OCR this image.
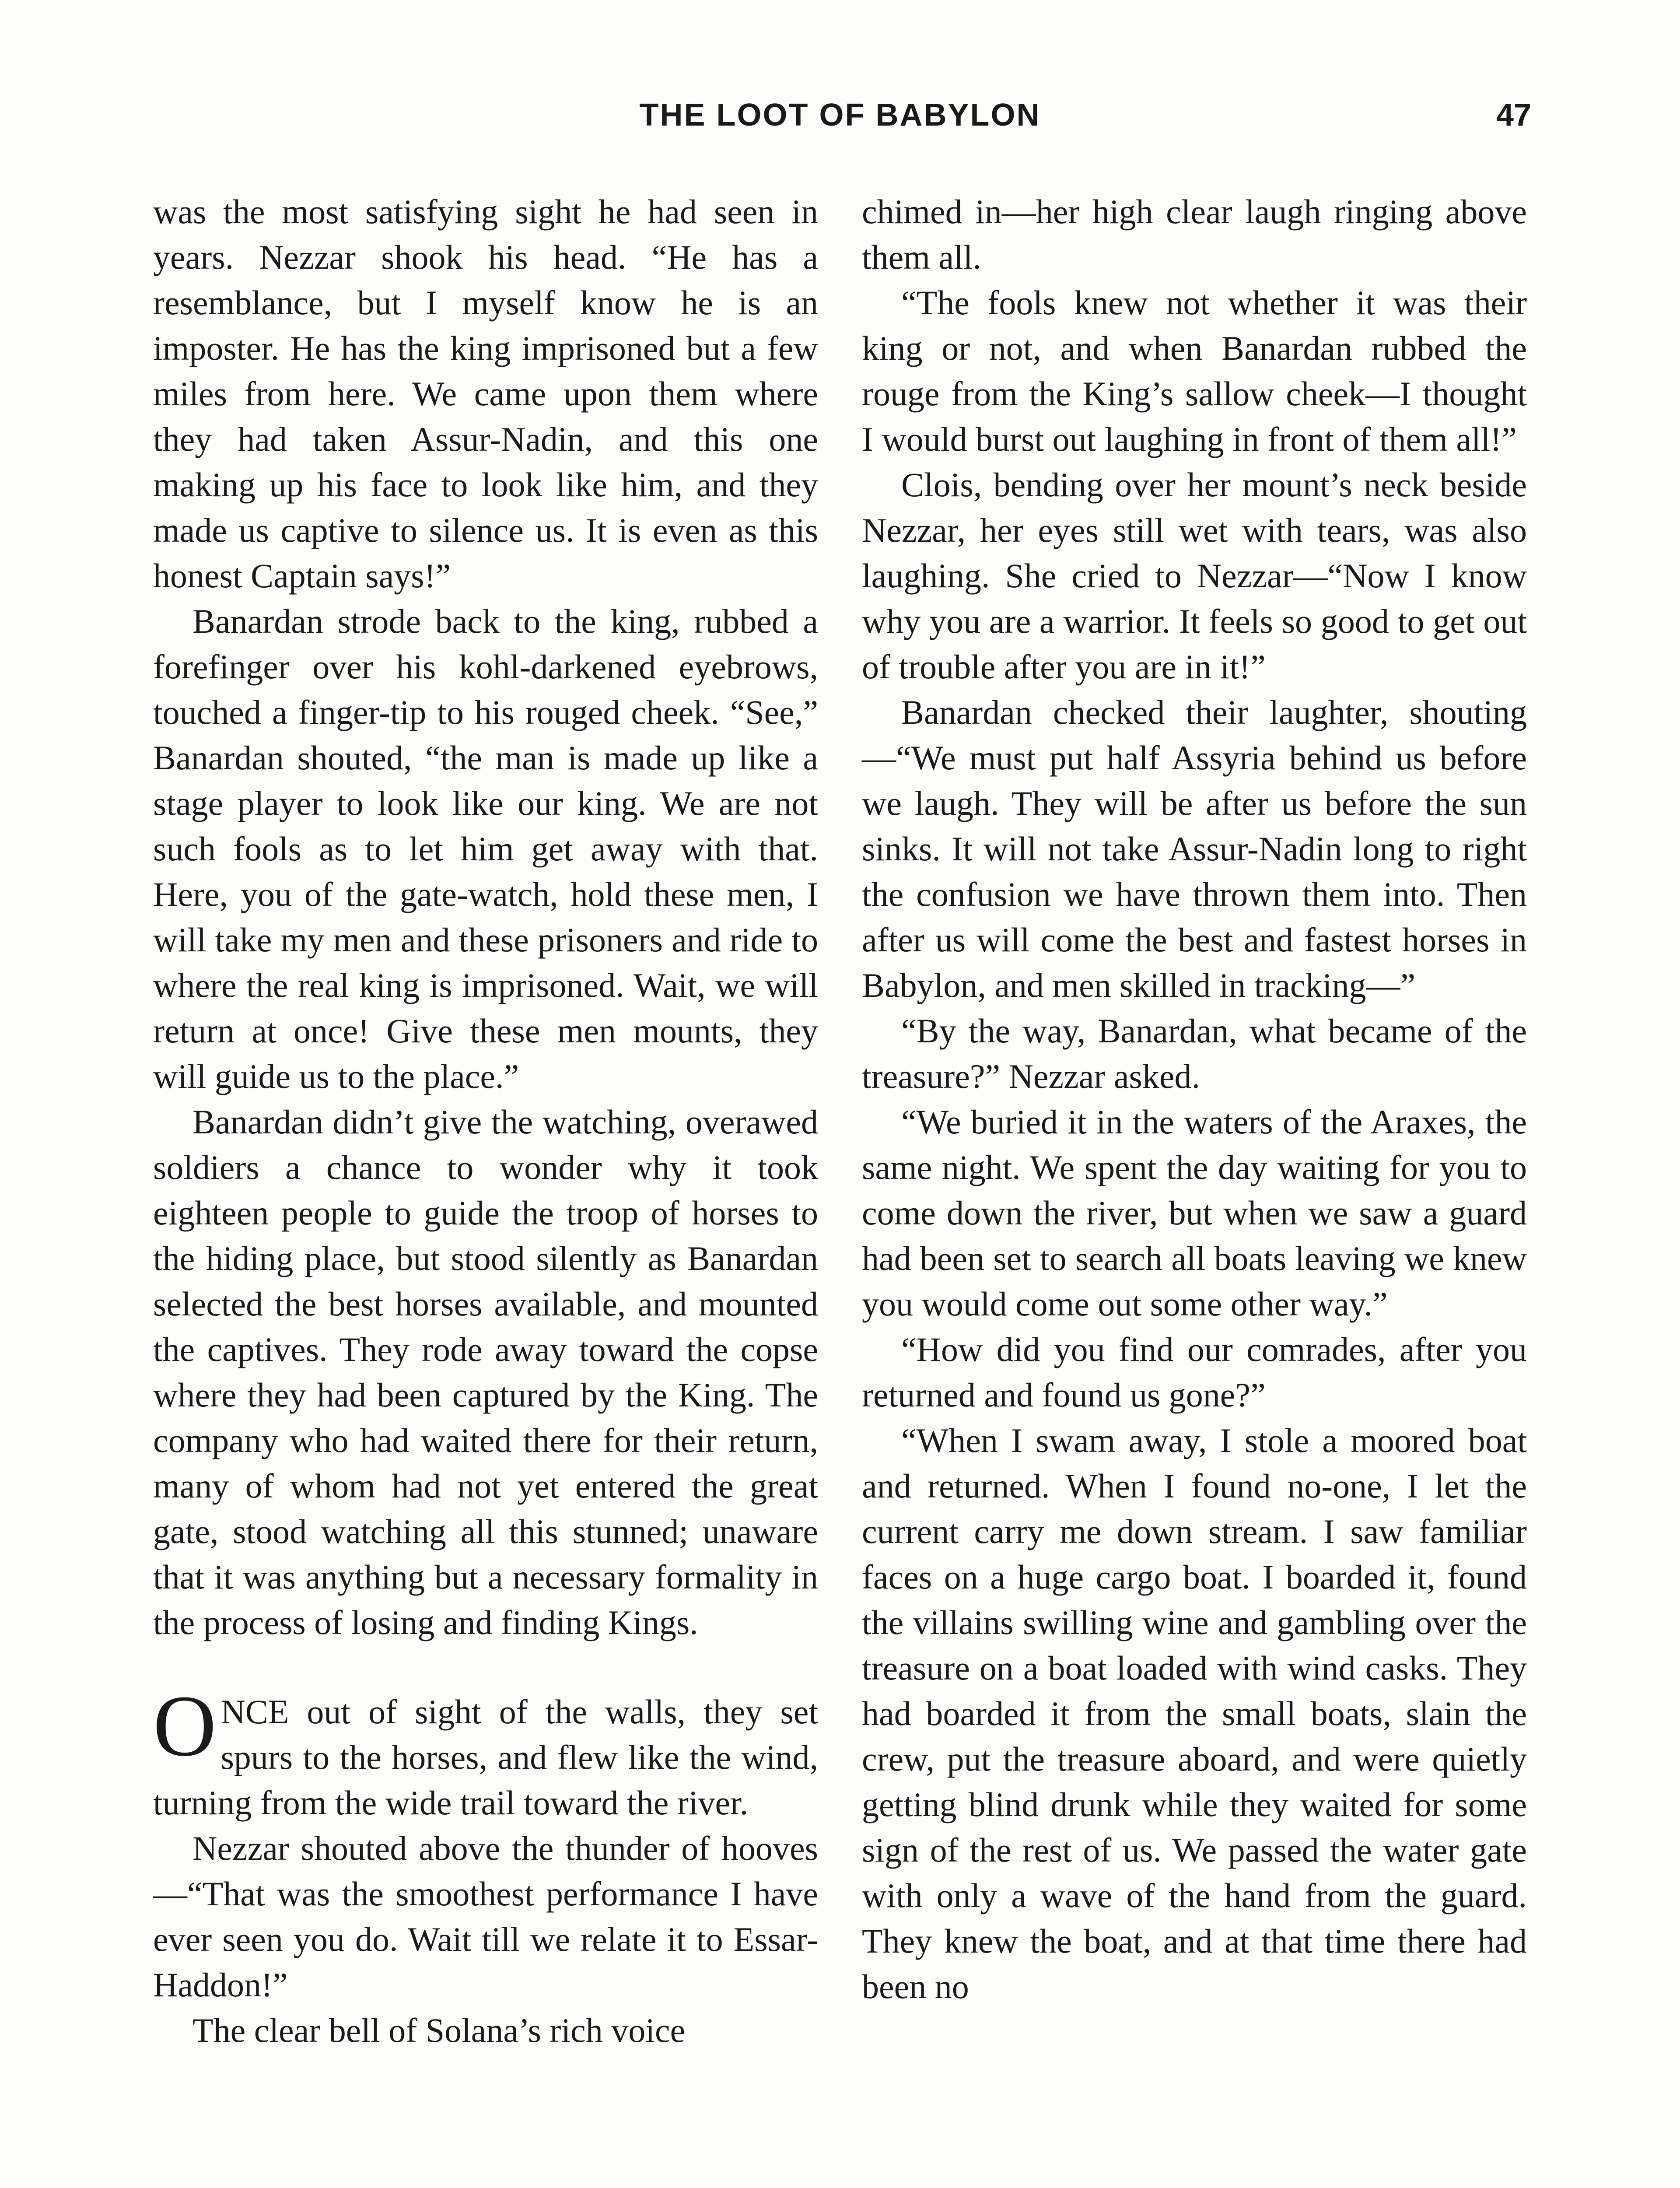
THE LOOT OF BABYLON	47

was the most satisfying sight he had seen in years. Nezzar shook his head. “He has a resemblance, but I myself know he is an imposter. He has the king imprisoned but a few miles from here. We came upon them where they had taken Assur-Nadin, and this one making up his face to look like him, and they made us captive to silence us. It is even as this honest Captain says!”

Banardan strode back to the king, rubbed a forefinger over his kohl-darkened eyebrows, touched a finger-tip to his rouged cheek. “See,” Banardan shouted, “the man is made up like a stage player to look like our king. We are not such fools as to let him get away with that. Here, you of the gate-watch, hold these men, I will take my men and these prisoners and ride to where the real king is imprisoned. Wait, we will return at once! Give these men mounts, they will guide us to the place.”

Banardan didn’t give the watching, overawed soldiers a chance to wonder why it took eighteen people to guide the troop of horses to the hiding place, but stood silently as Banardan selected the best horses available, and mounted the captives. They rode away toward the copse where they had been captured by the King. The company who had waited there for their return, many of whom had not yet entered the great gate, stood watching all this stunned; unaware that it was anything but a necessary formality in the process of losing and finding Kings.

ONCE out of sight of the walls, they set spurs to the horses, and flew like the wind, turning from the wide trail toward the river.

Nezzar shouted above the thunder of hooves—“That was the smoothest performance I have ever seen you do. Wait till we relate it to Essar-Haddon!”

The clear bell of Solana’s rich voice

chimed in—her high clear laugh ringing above them all.

“The fools knew not whether it was their king or not, and when Banardan rubbed the rouge from the King’s sallow cheek—I thought I would burst out laughing in front of them all!”

Clois, bending over her mount’s neck beside Nezzar, her eyes still wet with tears, was also laughing. She cried to Nezzar—“Now I know why you are a warrior. It feels so good to get out of trouble after you are in it!”

Banardan checked their laughter, shouting—“We must put half Assyria behind us before we laugh. They will be after us before the sun sinks. It will not take Assur-Nadin long to right the confusion we have thrown them into. Then after us will come the best and fastest horses in Babylon, and men skilled in tracking—”

“By the way, Banardan, what became of the treasure?” Nezzar asked.

“We buried it in the waters of the Araxes, the same night. We spent the day waiting for you to come down the river, but when we saw a guard had been set to search all boats leaving we knew you would come out some other way.”

“How did you find our comrades, after you returned and found us gone?”

“When I swam away, I stole a moored boat and returned. When I found no-one, I let the current carry me down stream. I saw familiar faces on a huge cargo boat. I boarded it, found the villains swilling wine and gambling over the treasure on a boat loaded with wind casks. They had boarded it from the small boats, slain the crew, put the treasure aboard, and were quietly getting blind drunk while they waited for some sign of the rest of us. We passed the water gate with only a wave of the hand from the guard. They knew the boat, and at that time there had been no
